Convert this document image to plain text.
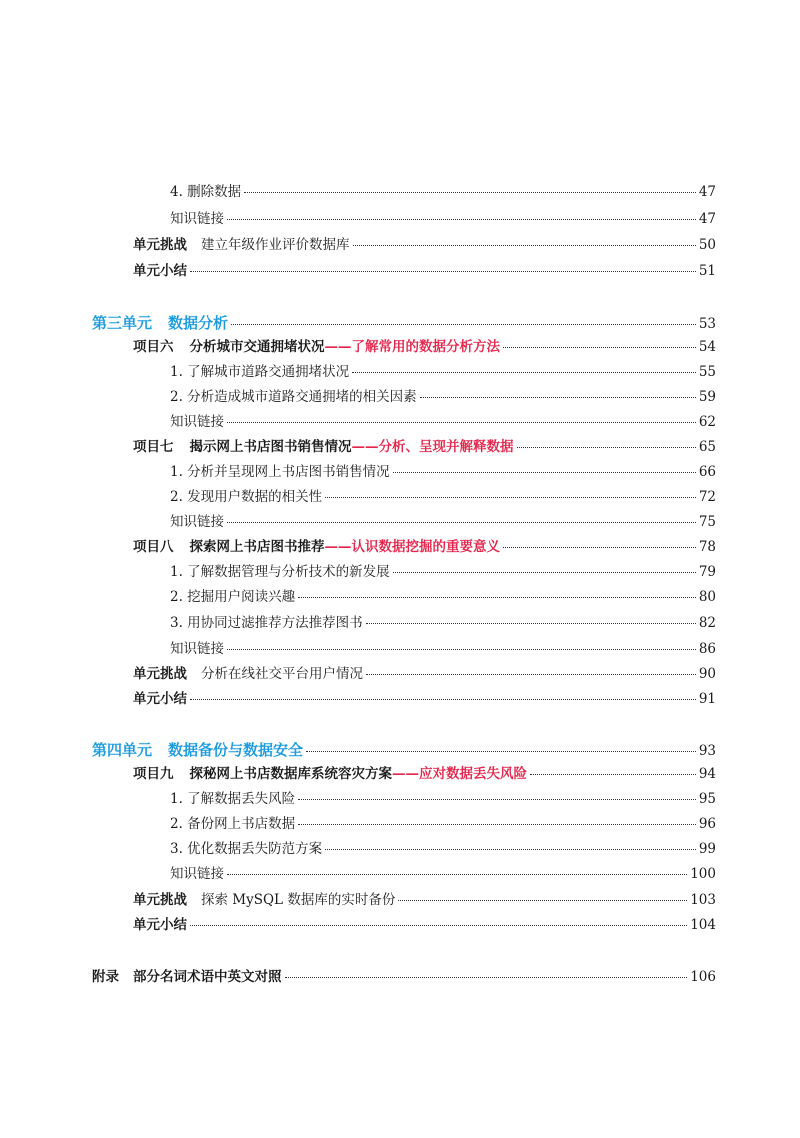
4. 删除数据	47
知识链接	47
单元挑战 建立年级作业评价数据库	50
单元小结	51
第三单元 数据分析	53
项目六 分析城市交通拥堵状况 ——了解常用的数据分析方法	54
1. 了解城市道路交通拥堵状况	55
2. 分析造成城市道路交通拥堵的相关因素	59
知识链接	62
项目七 揭示网上书店图书销售情况 ——分析、呈现并解释数据	65
1. 分析并呈现网上书店图书销售情况	66
2. 发现用户数据的相关性	72
知识链接	75
项目八 探索网上书店图书推荐 ——认识数据挖掘的重要意义	78
1. 了解数据管理与分析技术的新发展	79
2. 挖掘用户阅读兴趣	80
3. 用协同过滤推荐方法推荐图书	82
知识链接	86
单元挑战 分析在线社交平台用户情况	90
单元小结	91
第四单元 数据备份与数据安全	93
项目九 探秘网上书店数据库系统容灾方案 ——应对数据丢失风险	94
1. 了解数据丢失风险	95
2. 备份网上书店数据	96
3. 优化数据丢失防范方案	99
知识链接	100
单元挑战 探索 MySQL 数据库的实时备份	103
单元小结	104
附录 部分名词术语中英文对照	106
